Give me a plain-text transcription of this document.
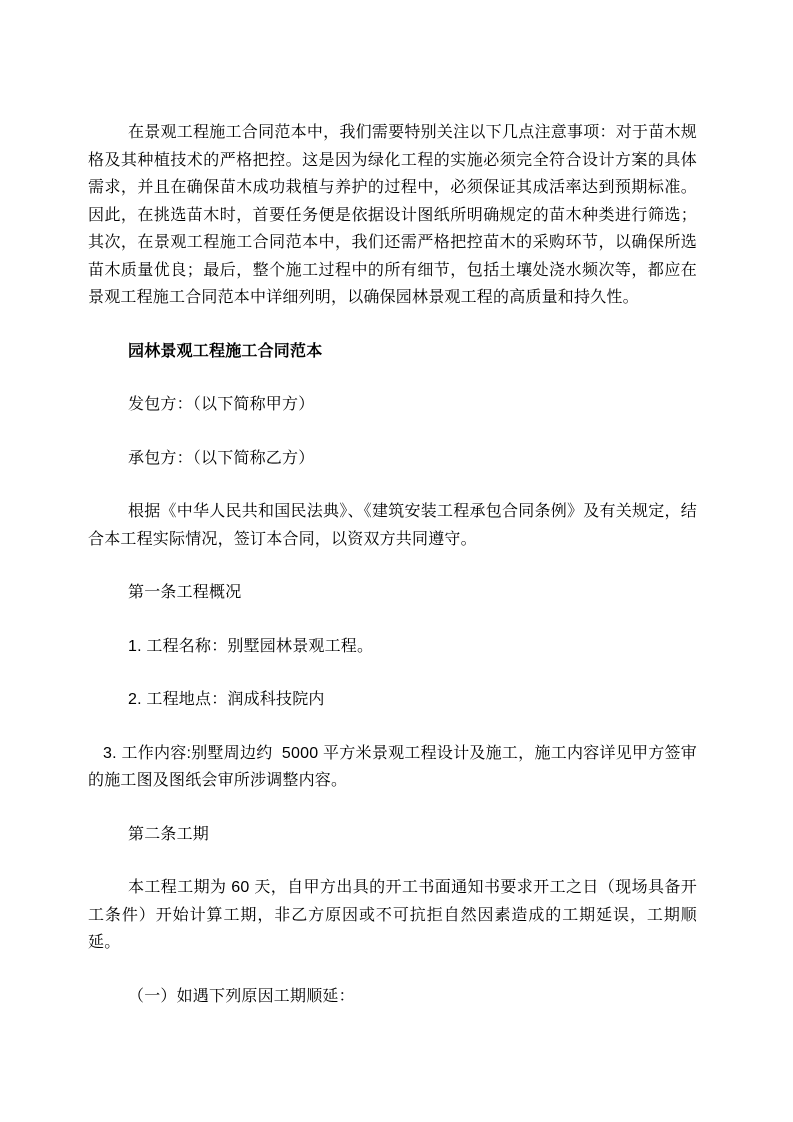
在景观工程施工合同范本中，我们需要特别关注以下几点注意事项：对于苗木规格及其种植技术的严格把控。这是因为绿化工程的实施必须完全符合设计方案的具体需求，并且在确保苗木成功栽植与养护的过程中，必须保证其成活率达到预期标准。因此，在挑选苗木时，首要任务便是依据设计图纸所明确规定的苗木种类进行筛选；其次，在景观工程施工合同范本中，我们还需严格把控苗木的采购环节，以确保所选苗木质量优良；最后，整个施工过程中的所有细节，包括土壤处浇水频次等，都应在景观工程施工合同范本中详细列明，以确保园林景观工程的高质量和持久性。

园林景观工程施工合同范本

发包方：（以下简称甲方）

承包方：（以下简称乙方）

根据《中华人民共和国民法典》、《建筑安装工程承包合同条例》及有关规定，结合本工程实际情况，签订本合同，以资双方共同遵守。

第一条工程概况

1. 工程名称：别墅园林景观工程。

2. 工程地点：润成科技院内

3. 工作内容:别墅周边约  5000 平方米景观工程设计及施工，施工内容详见甲方签审的施工图及图纸会审所涉调整内容。

第二条工期

本工程工期为 60 天，自甲方出具的开工书面通知书要求开工之日（现场具备开工条件）开始计算工期，非乙方原因或不可抗拒自然因素造成的工期延误，工期顺延。

（一）如遇下列原因工期顺延：
